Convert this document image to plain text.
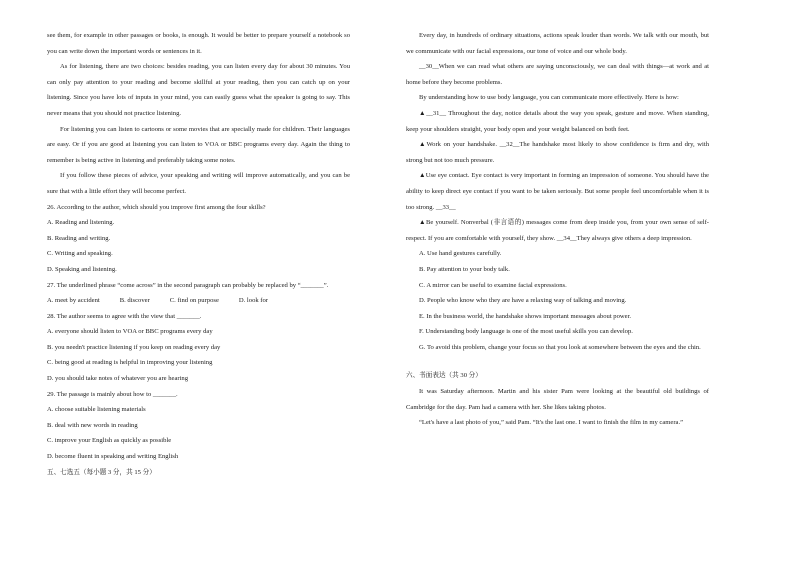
see them, for example in other passages or books, is enough. It would be better to prepare yourself a notebook so you can write down the important words or sentences in it.

As for listening, there are two choices: besides reading, you can listen every day for about 30 minutes. You can only pay attention to your reading and become skillful at your reading, then you can catch up on your listening. Since you have lots of inputs in your mind, you can easily guess what the speaker is going to say. This never means that you should not practice listening.

For listening you can listen to cartoons or some movies that are specially made for children. Their languages are easy. Or if you are good at listening you can listen to VOA or BBC programs every day. Again the thing to remember is being active in listening and preferably taking some notes.

If you follow these pieces of advice, your speaking and writing will improve automatically, and you can be sure that with a little effort they will become perfect.

26. According to the author, which should you improve first among the four skills?

A. Reading and listening.

B. Reading and writing.

C. Writing and speaking.

D. Speaking and listening.

27. The underlined phrase “come across” in the second paragraph can probably be replaced by “_______”.

A. meet by accident	B. discover	C. find on purpose	D. look for

28. The author seems to agree with the view that _______.

A. everyone should listen to VOA or BBC programs every day

B. you needn't practice listening if you keep on reading every day

C. being good at reading is helpful in improving your listening

D. you should take notes of whatever you are hearing

29. The passage is mainly about how to _______.

A. choose suitable listening materials

B. deal with new words in reading

C. improve your English as quickly as possible

D. become fluent in speaking and writing English

五、七选五（每小题 3 分，共 15 分）

Every day, in hundreds of ordinary situations, actions speak louder than words. We talk with our mouth, but we communicate with our facial expressions, our tone of voice and our whole body.

__30__When we can read what others are saying unconsciously, we can deal with things—at work and at home before they become problems.

By understanding how to use body language, you can communicate more effectively. Here is how:

▲__31__ Throughout the day, notice details about the way you speak, gesture and move. When standing, keep your shoulders straight, your body open and your weight balanced on both feet.

▲Work on your handshake. __32__The handshake most likely to show confidence is firm and dry, with strong but not too much pressure.

▲Use eye contact. Eye contact is very important in forming an impression of someone. You should have the ability to keep direct eye contact if you want to be taken seriously. But some people feel uncomfortable when it is too strong. __33__

▲Be yourself. Nonverbal (非言语的) messages come from deep inside you, from your own sense of self-respect. If you are comfortable with yourself, they show. __34__They always give others a deep impression.

A. Use hand gestures carefully.

B. Pay attention to your body talk.

C. A mirror can be useful to examine facial expressions.

D. People who know who they are have a relaxing way of talking and moving.

E. In the business world, the handshake shows important messages about power.

F. Understanding body language is one of the most useful skills you can develop.

G. To avoid this problem, change your focus so that you look at somewhere between the eyes and the chin.

六、书面表达（共 30 分）

It was Saturday afternoon. Martin and his sister Pam were looking at the beautiful old buildings of Cambridge for the day. Pam had a camera with her. She likes taking photos.

“Let's have a last photo of you,” said Pam. “It's the last one. I want to finish the film in my camera.”
